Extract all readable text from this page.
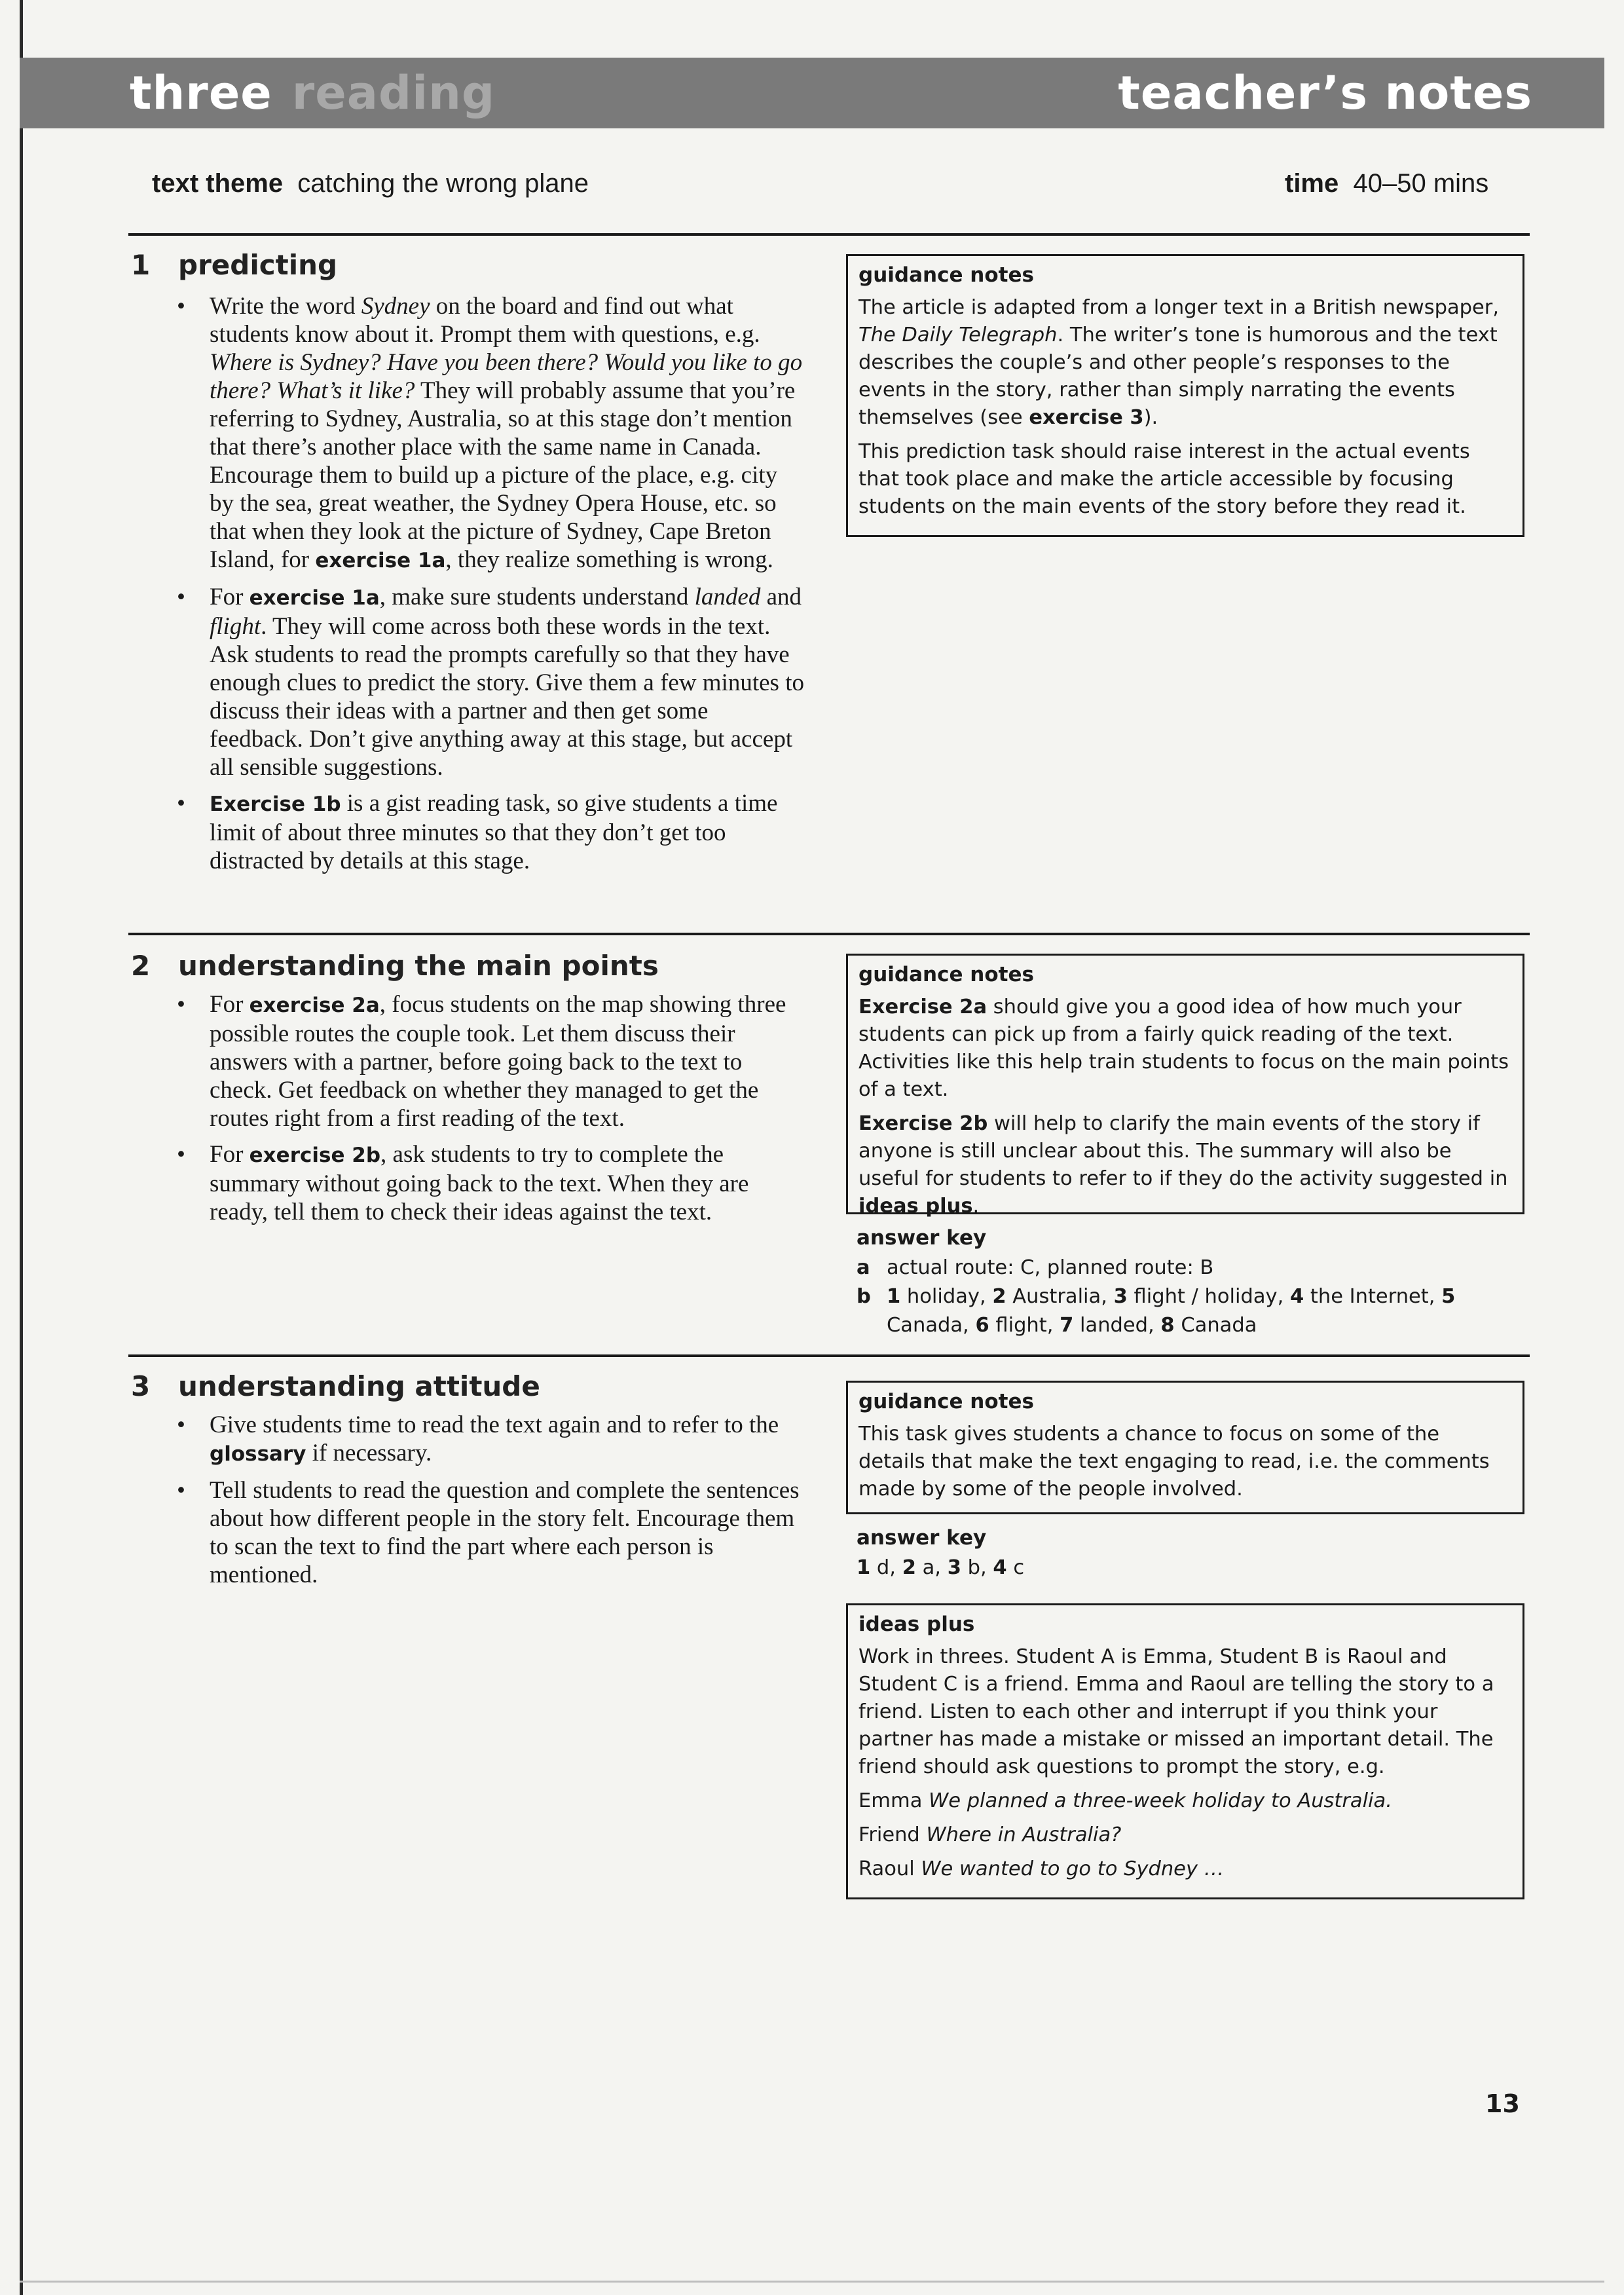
three reading	teacher’s notes
text theme catching the wrong plane	time 40–50 mins
1 predicting
• Write the word Sydney on the board and find out what students know about it. Prompt them with questions, e.g. Where is Sydney? Have you been there? Would you like to go there? What’s it like? They will probably assume that you’re referring to Sydney, Australia, so at this stage don’t mention that there’s another place with the same name in Canada. Encourage them to build up a picture of the place, e.g. city by the sea, great weather, the Sydney Opera House, etc. so that when they look at the picture of Sydney, Cape Breton Island, for exercise 1a, they realize something is wrong.
• For exercise 1a, make sure students understand landed and flight. They will come across both these words in the text. Ask students to read the prompts carefully so that they have enough clues to predict the story. Give them a few minutes to discuss their ideas with a partner and then get some feedback. Don’t give anything away at this stage, but accept all sensible suggestions.
• Exercise 1b is a gist reading task, so give students a time limit of about three minutes so that they don’t get too distracted by details at this stage.
guidance notes

The article is adapted from a longer text in a British newspaper, The Daily Telegraph. The writer’s tone is humorous and the text describes the couple’s and other people’s responses to the events in the story, rather than simply narrating the events themselves (see exercise 3).

This prediction task should raise interest in the actual events that took place and make the article accessible by focusing students on the main events of the story before they read it.

2 understanding the main points
• For exercise 2a, focus students on the map showing three possible routes the couple took. Let them discuss their answers with a partner, before going back to the text to check. Get feedback on whether they managed to get the routes right from a first reading of the text.
• For exercise 2b, ask students to try to complete the summary without going back to the text. When they are ready, tell them to check their ideas against the text.
guidance notes

Exercise 2a should give you a good idea of how much your students can pick up from a fairly quick reading of the text. Activities like this help train students to focus on the main points of a text.

Exercise 2b will help to clarify the main events of the story if anyone is still unclear about this. The summary will also be useful for students to refer to if they do the activity suggested in ideas plus.

answer key
a actual route: C, planned route: B
b 1 holiday, 2 Australia, 3 flight / holiday, 4 the Internet, 5 Canada, 6 flight, 7 landed, 8 Canada
3 understanding attitude
• Give students time to read the text again and to refer to the glossary if necessary.
• Tell students to read the question and complete the sentences about how different people in the story felt. Encourage them to scan the text to find the part where each person is mentioned.
guidance notes

This task gives students a chance to focus on some of the details that make the text engaging to read, i.e. the comments made by some of the people involved.

answer key
1 d, 2 a, 3 b, 4 c
ideas plus

Work in threes. Student A is Emma, Student B is Raoul and Student C is a friend. Emma and Raoul are telling the story to a friend. Listen to each other and interrupt if you think your partner has made a mistake or missed an important detail. The friend should ask questions to prompt the story, e.g.

Emma We planned a three-week holiday to Australia.

Friend Where in Australia?

Raoul We wanted to go to Sydney …

13
